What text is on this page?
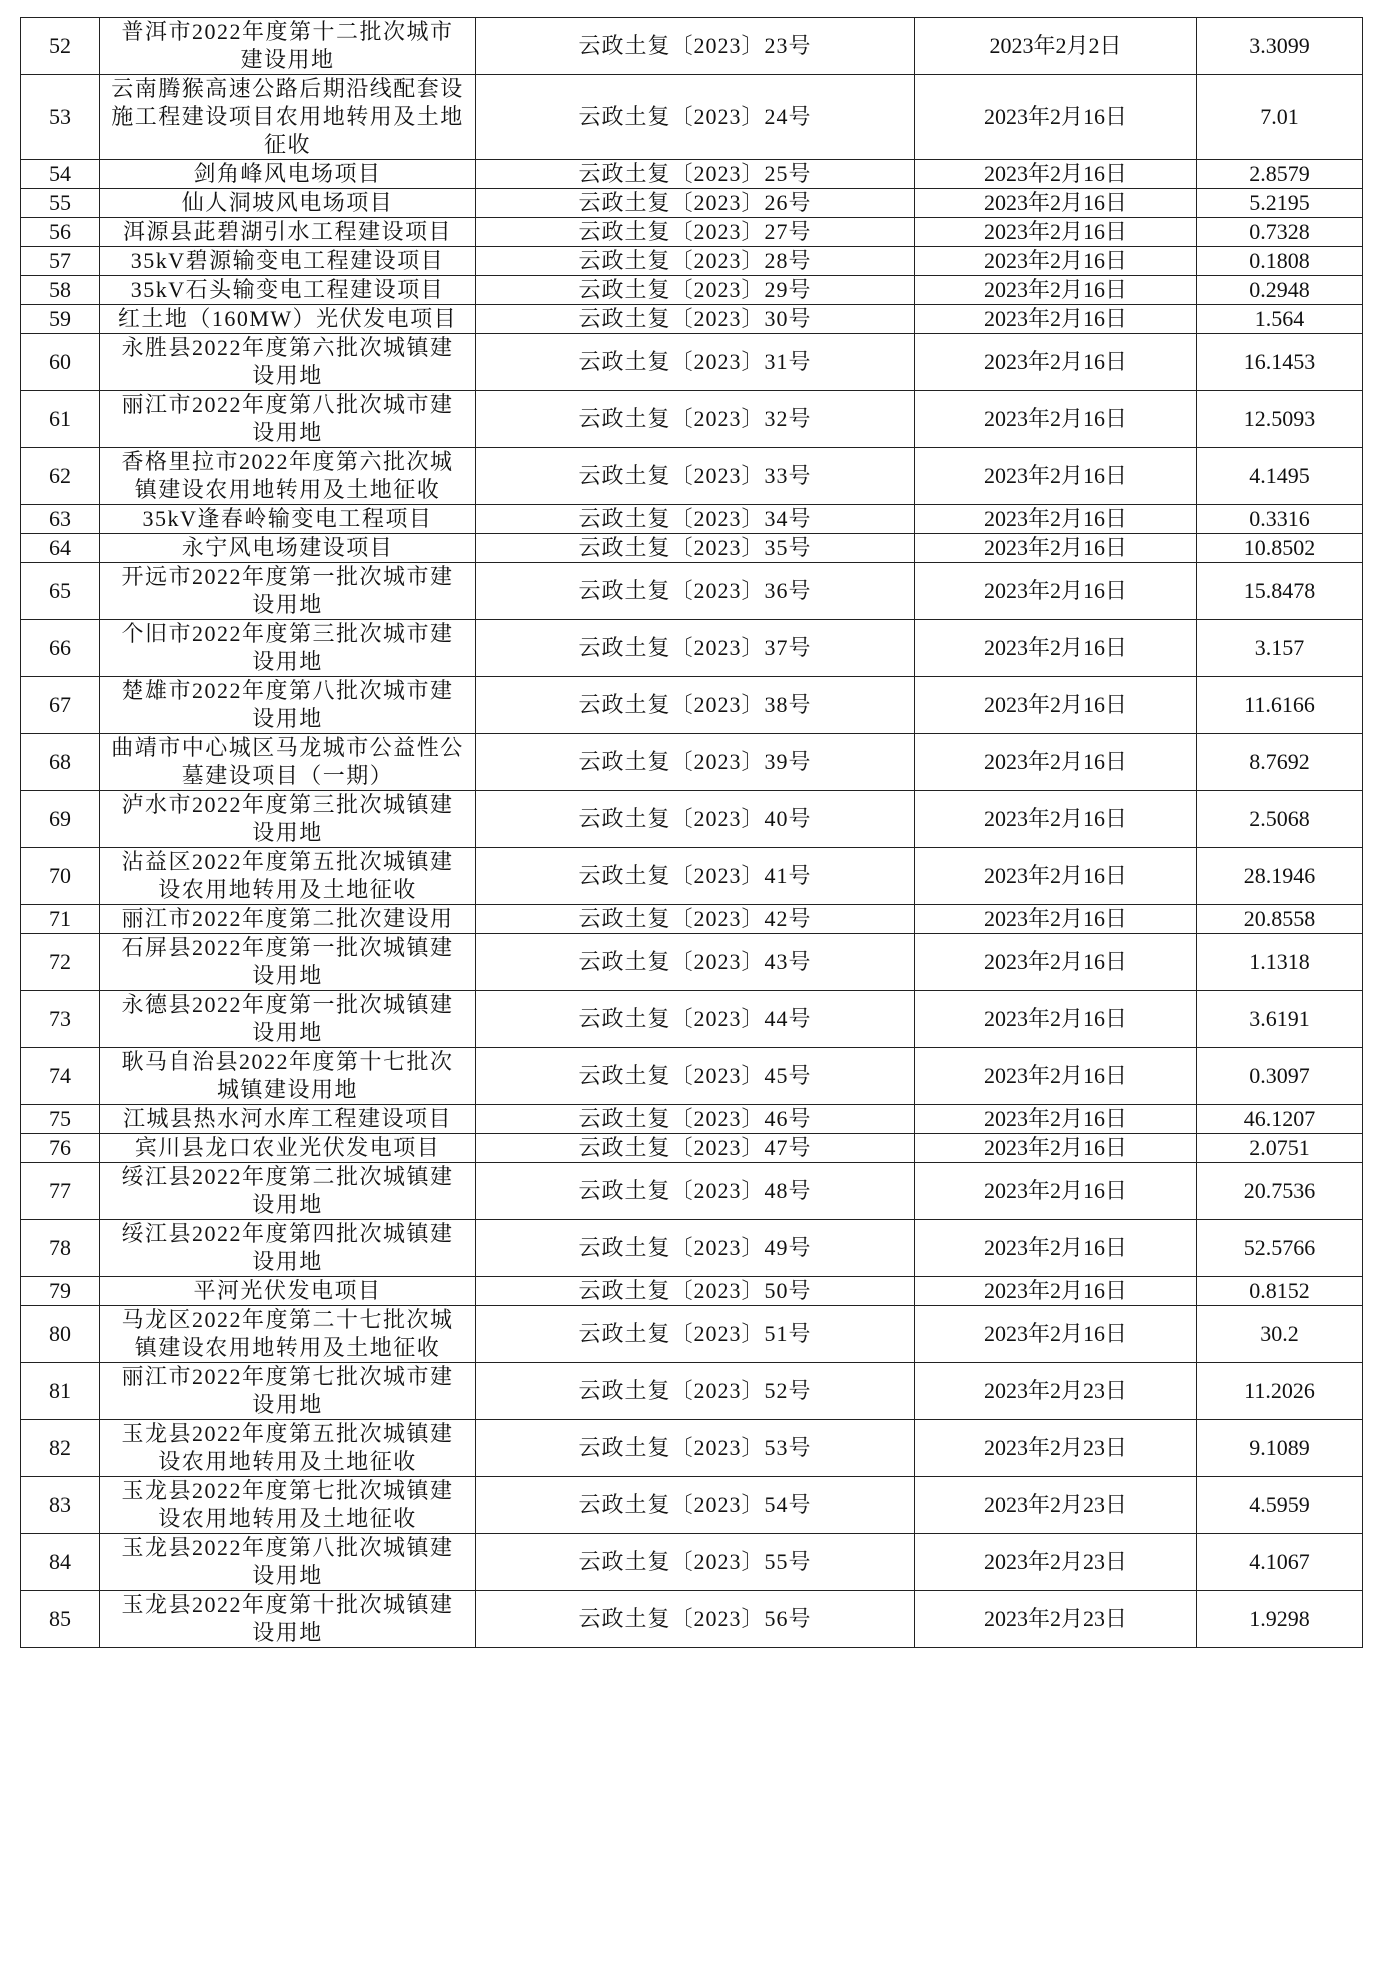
52	普洱市2022年度第十二批次城市建设用地	云政土复〔2023〕23号	2023年2月2日	3.3099
53	云南腾猴高速公路后期沿线配套设施工程建设项目农用地转用及土地征收	云政土复〔2023〕24号	2023年2月16日	7.01
54	剑角峰风电场项目	云政土复〔2023〕25号	2023年2月16日	2.8579
55	仙人洞坡风电场项目	云政土复〔2023〕26号	2023年2月16日	5.2195
56	洱源县茈碧湖引水工程建设项目	云政土复〔2023〕27号	2023年2月16日	0.7328
57	35kV碧源输变电工程建设项目	云政土复〔2023〕28号	2023年2月16日	0.1808
58	35kV石头输变电工程建设项目	云政土复〔2023〕29号	2023年2月16日	0.2948
59	红土地（160MW）光伏发电项目	云政土复〔2023〕30号	2023年2月16日	1.564
60	永胜县2022年度第六批次城镇建设用地	云政土复〔2023〕31号	2023年2月16日	16.1453
61	丽江市2022年度第八批次城市建设用地	云政土复〔2023〕32号	2023年2月16日	12.5093
62	香格里拉市2022年度第六批次城镇建设农用地转用及土地征收	云政土复〔2023〕33号	2023年2月16日	4.1495
63	35kV逢春岭输变电工程项目	云政土复〔2023〕34号	2023年2月16日	0.3316
64	永宁风电场建设项目	云政土复〔2023〕35号	2023年2月16日	10.8502
65	开远市2022年度第一批次城市建设用地	云政土复〔2023〕36号	2023年2月16日	15.8478
66	个旧市2022年度第三批次城市建设用地	云政土复〔2023〕37号	2023年2月16日	3.157
67	楚雄市2022年度第八批次城市建设用地	云政土复〔2023〕38号	2023年2月16日	11.6166
68	曲靖市中心城区马龙城市公益性公墓建设项目（一期）	云政土复〔2023〕39号	2023年2月16日	8.7692
69	泸水市2022年度第三批次城镇建设用地	云政土复〔2023〕40号	2023年2月16日	2.5068
70	沾益区2022年度第五批次城镇建设农用地转用及土地征收	云政土复〔2023〕41号	2023年2月16日	28.1946
71	丽江市2022年度第二批次建设用	云政土复〔2023〕42号	2023年2月16日	20.8558
72	石屏县2022年度第一批次城镇建设用地	云政土复〔2023〕43号	2023年2月16日	1.1318
73	永德县2022年度第一批次城镇建设用地	云政土复〔2023〕44号	2023年2月16日	3.6191
74	耿马自治县2022年度第十七批次城镇建设用地	云政土复〔2023〕45号	2023年2月16日	0.3097
75	江城县热水河水库工程建设项目	云政土复〔2023〕46号	2023年2月16日	46.1207
76	宾川县龙口农业光伏发电项目	云政土复〔2023〕47号	2023年2月16日	2.0751
77	绥江县2022年度第二批次城镇建设用地	云政土复〔2023〕48号	2023年2月16日	20.7536
78	绥江县2022年度第四批次城镇建设用地	云政土复〔2023〕49号	2023年2月16日	52.5766
79	平河光伏发电项目	云政土复〔2023〕50号	2023年2月16日	0.8152
80	马龙区2022年度第二十七批次城镇建设农用地转用及土地征收	云政土复〔2023〕51号	2023年2月16日	30.2
81	丽江市2022年度第七批次城市建设用地	云政土复〔2023〕52号	2023年2月23日	11.2026
82	玉龙县2022年度第五批次城镇建设农用地转用及土地征收	云政土复〔2023〕53号	2023年2月23日	9.1089
83	玉龙县2022年度第七批次城镇建设农用地转用及土地征收	云政土复〔2023〕54号	2023年2月23日	4.5959
84	玉龙县2022年度第八批次城镇建设用地	云政土复〔2023〕55号	2023年2月23日	4.1067
85	玉龙县2022年度第十批次城镇建设用地	云政土复〔2023〕56号	2023年2月23日	1.9298
